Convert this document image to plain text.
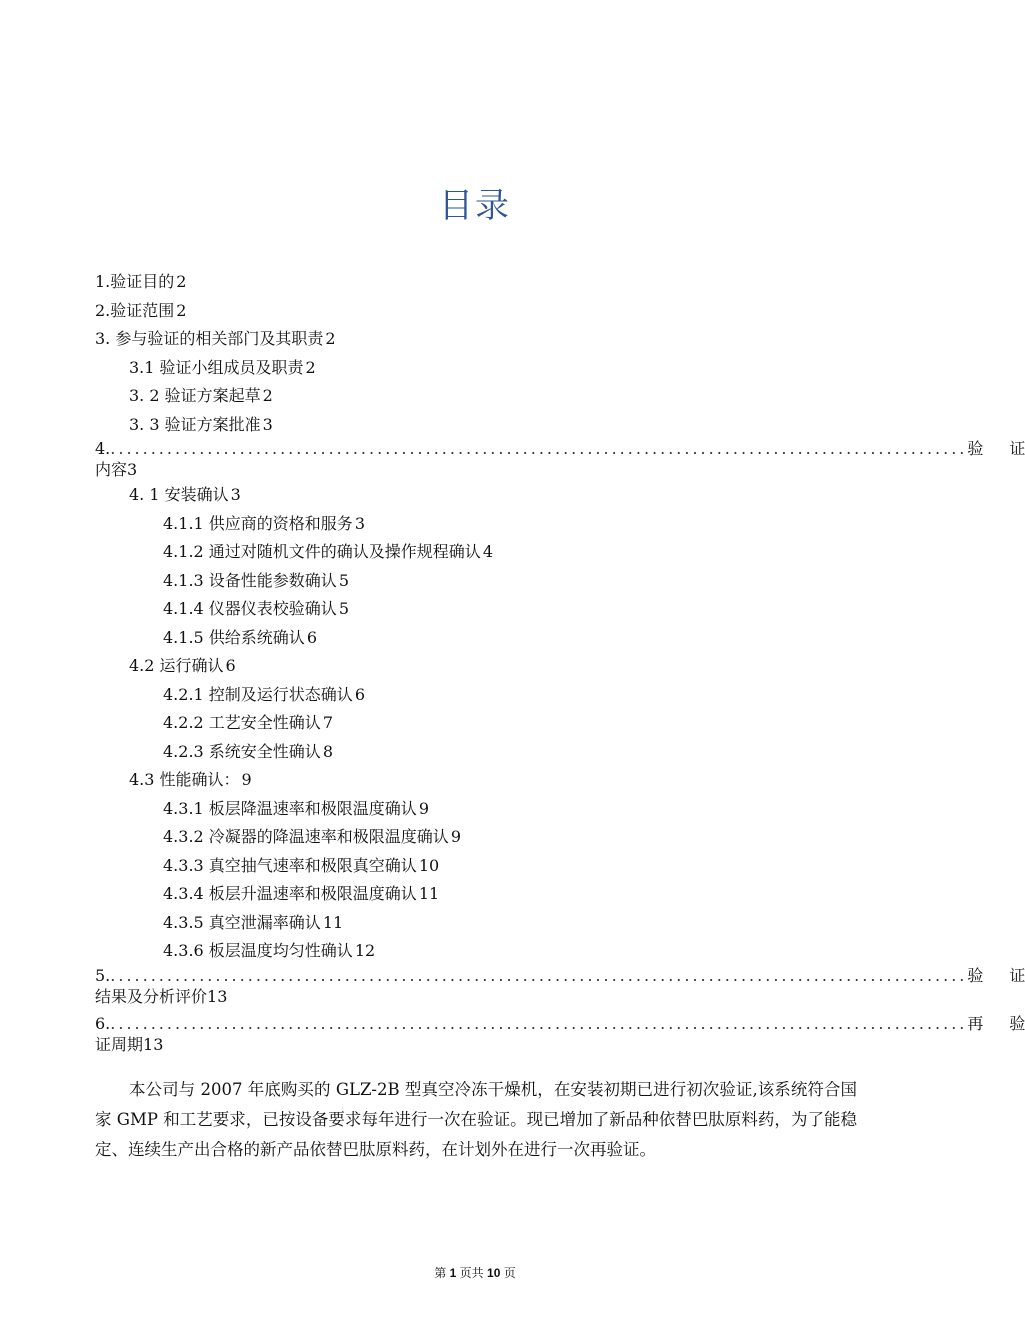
目录
1.验证目的 2
2.验证范围 2
3. 参与验证的相关部门及其职责 2
3.1 验证小组成员及职责 2
3. 2 验证方案起草 2
3. 3 验证方案批准 3
4. .......................................................................................................... 验 证
内容3
4. 1 安装确认 3
4.1.1 供应商的资格和服务 3
4.1.2 通过对随机文件的确认及操作规程确认 4
4.1.3 设备性能参数确认 5
4.1.4 仪器仪表校验确认 5
4.1.5 供给系统确认 6
4.2 运行确认 6
4.2.1 控制及运行状态确认 6
4.2.2 工艺安全性确认 7
4.2.3 系统安全性确认 8
4.3 性能确认： 9
4.3.1 板层降温速率和极限温度确认 9
4.3.2 冷凝器的降温速率和极限温度确认 9
4.3.3 真空抽气速率和极限真空确认 10
4.3.4 板层升温速率和极限温度确认 11
4.3.5 真空泄漏率确认 11
4.3.6 板层温度均匀性确认 12
5. .......................................................................................................... 验 证
结果及分析评价13
6. .......................................................................................................... 再 验
证周期13

本公司与 2007 年底购买的 GLZ-2B 型真空冷冻干燥机，在安装初期已进行初次验证,该系统符合国家 GMP 和工艺要求，已按设备要求每年进行一次在验证。现已增加了新品种依替巴肽原料药，为了能稳定、连续生产出合格的新产品依替巴肽原料药，在计划外在进行一次再验证。

第 1 页共 10 页
